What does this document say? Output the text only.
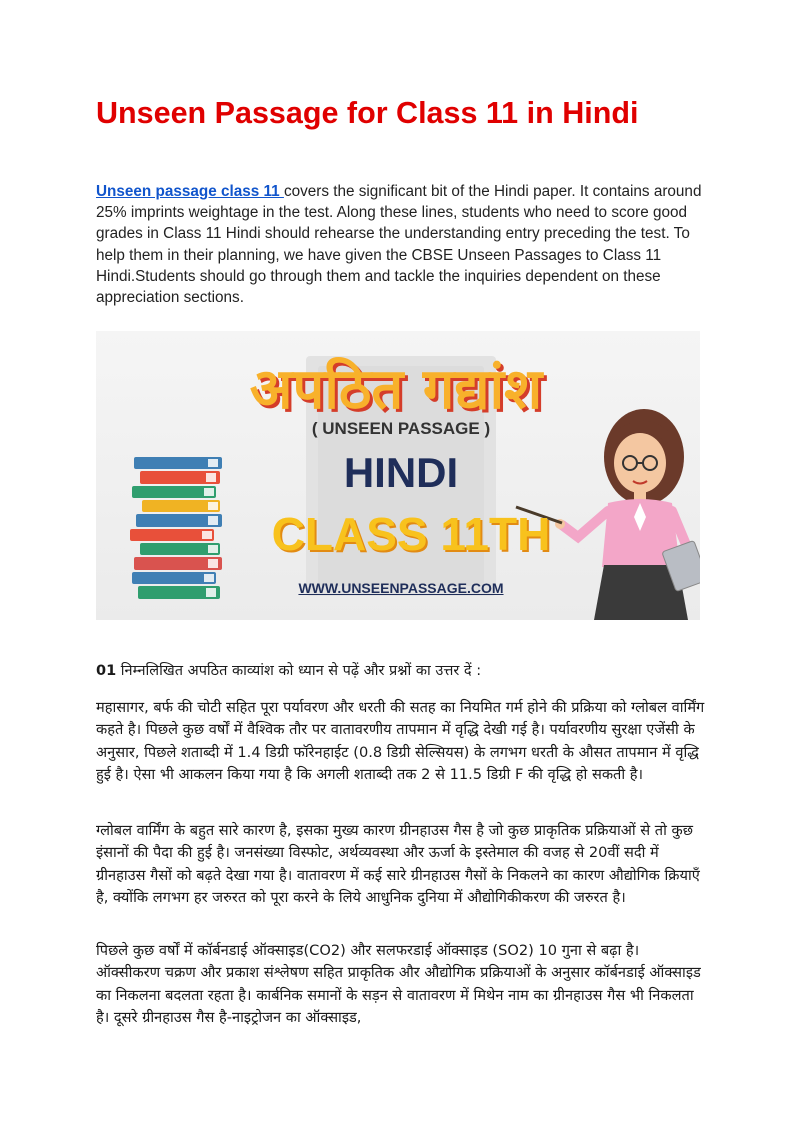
Unseen Passage for Class 11 in Hindi

Unseen passage class 11 covers the significant bit of the Hindi paper. It contains around 25% imprints weightage in the test. Along these lines, students who need to score good grades in Class 11 Hindi should rehearse the understanding entry preceding the test. To help them in their planning, we have given the CBSE Unseen Passages to Class 11 Hindi.Students should go through them and tackle the inquiries dependent on these appreciation sections.

अपठित गद्यांश
( UNSEEN PASSAGE )
HINDI
CLASS 11TH
WWW.UNSEENPASSAGE.COM

01 निम्नलिखित अपठित काव्यांश को ध्यान से पढ़ें और प्रश्नों का उत्तर दें :

महासागर, बर्फ की चोटी सहित पूरा पर्यावरण और धरती की सतह का नियमित गर्म होने की प्रक्रिया को ग्लोबल वार्मिंग कहते है। पिछले कुछ वर्षों में वैश्विक तौर पर वातावरणीय तापमान में वृद्धि देखी गई है। पर्यावरणीय सुरक्षा एजेंसी के अनुसार, पिछले शताब्दी में 1.4 डिग्री फॉरेनहाईट (0.8 डिग्री सेल्सियस) के लगभग धरती के औसत तापमान में वृद्धि हुई है। ऐसा भी आकलन किया गया है कि अगली शताब्दी तक 2 से 11.5 डिग्री F की वृद्धि हो सकती है।

ग्लोबल वार्मिंग के बहुत सारे कारण है, इसका मुख्य कारण ग्रीनहाउस गैस है जो कुछ प्राकृतिक प्रक्रियाओं से तो कुछ इंसानों की पैदा की हुई है। जनसंख्या विस्फोट, अर्थव्यवस्था और ऊर्जा के इस्तेमाल की वजह से 20वीं सदी में ग्रीनहाउस गैसों को बढ़ते देखा गया है। वातावरण में कई सारे ग्रीनहाउस गैसों के निकलने का कारण औद्योगिक क्रियाएँ है, क्योंकि लगभग हर जरुरत को पूरा करने के लिये आधुनिक दुनिया में औद्योगिकीकरण की जरुरत है।

पिछले कुछ वर्षों में कॉर्बनडाई ऑक्साइड(CO2) और सलफरडाई ऑक्साइड (SO2) 10 गुना से बढ़ा है। ऑक्सीकरण चक्रण और प्रकाश संश्लेषण सहित प्राकृतिक और औद्योगिक प्रक्रियाओं के अनुसार कॉर्बनडाई ऑक्साइड का निकलना बदलता रहता है। कार्बनिक समानों के सड़न से वातावरण में मिथेन नाम का ग्रीनहाउस गैस भी निकलता है। दूसरे ग्रीनहाउस गैस है-नाइट्रोजन का ऑक्साइड,
